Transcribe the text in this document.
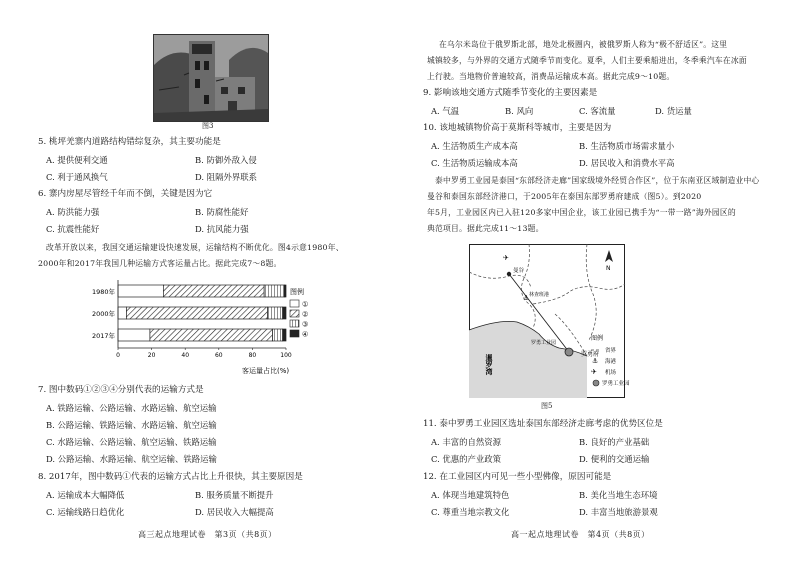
图3
5. 桃坪羌寨内道路结构错综复杂，其主要功能是
A. 提供便利交通	B. 防御外敌入侵
C. 利于通风换气	D. 阻隔外界联系
6. 寨内房屋尽管经千年而不倒，关键是因为它
A. 防洪能力强	B. 防腐性能好
C. 抗震性能好	D. 抗风能力强
改革开放以来，我国交通运输建设快速发展，运输结构不断优化。图4示意1980年、
2000年和2017年我国几种运输方式客运量占比。据此完成7～8题。
1980年
2000年
2017年
0	20	40	60	80	100
客运量占比(%)
图例
①
②
③
④
7. 图中数码①②③④分别代表的运输方式是
A. 铁路运输、公路运输、水路运输、航空运输
B. 公路运输、铁路运输、水路运输、航空运输
C. 水路运输、公路运输、航空运输、铁路运输
D. 公路运输、水路运输、航空运输、铁路运输
8. 2017年，图中数码①代表的运输方式占比上升很快，其主要原因是
A. 运输成本大幅降低	B. 服务质量不断提升
C. 运输线路日趋优化	D. 居民收入大幅提高
高三起点地理试卷　第3页（共8页）
在乌尔米岛位于俄罗斯北部，地处北极圈内，被俄罗斯人称为“极不舒适区”。这里
城镇较多，与外界的交通方式随季节而变化。夏季，人们主要乘船进出，冬季乘汽车在冰面
上行驶。当地物价普遍较高，消费品运输成本高。据此完成9～10题。
9. 影响该地交通方式随季节变化的主要因素是
A. 气温	B. 风向	C. 客流量	D. 货运量
10. 该地城镇物价高于莫斯科等城市，主要是因为
A. 生活物质生产成本高	B. 生活物质市场需求量小
C. 生活物质运输成本高	D. 居民收入和消费水平高
泰中罗勇工业园是泰国“东部经济走廊”国家级境外经贸合作区”，位于东南亚区域制造业中心
曼谷和泰国东部经济港口，于2005年在泰国东部罗勇府建成（图5）。到2020
年5月，工业园区内已入驻120多家中国企业，该工业园已携手为“一带一路”海外园区的
典范项目。据此完成11～13题。
曼谷
⚓ 林查班港
✈
罗勇工业园
罗勇府
暹罗湾
N
图例
省界
⚓ 海港
✈ 机场
罗勇工业园
图5
11. 泰中罗勇工业园区选址泰国东部经济走廊考虑的优势区位是
A. 丰富的自然资源	B. 良好的产业基础
C. 优惠的产业政策	D. 便利的交通运输
12. 在工业园区内可见一些小型佛像，原因可能是
A. 体现当地建筑特色	B. 美化当地生态环境
C. 尊重当地宗教文化	D. 丰富当地旅游景观
高一起点地理试卷　第4页（共8页）
